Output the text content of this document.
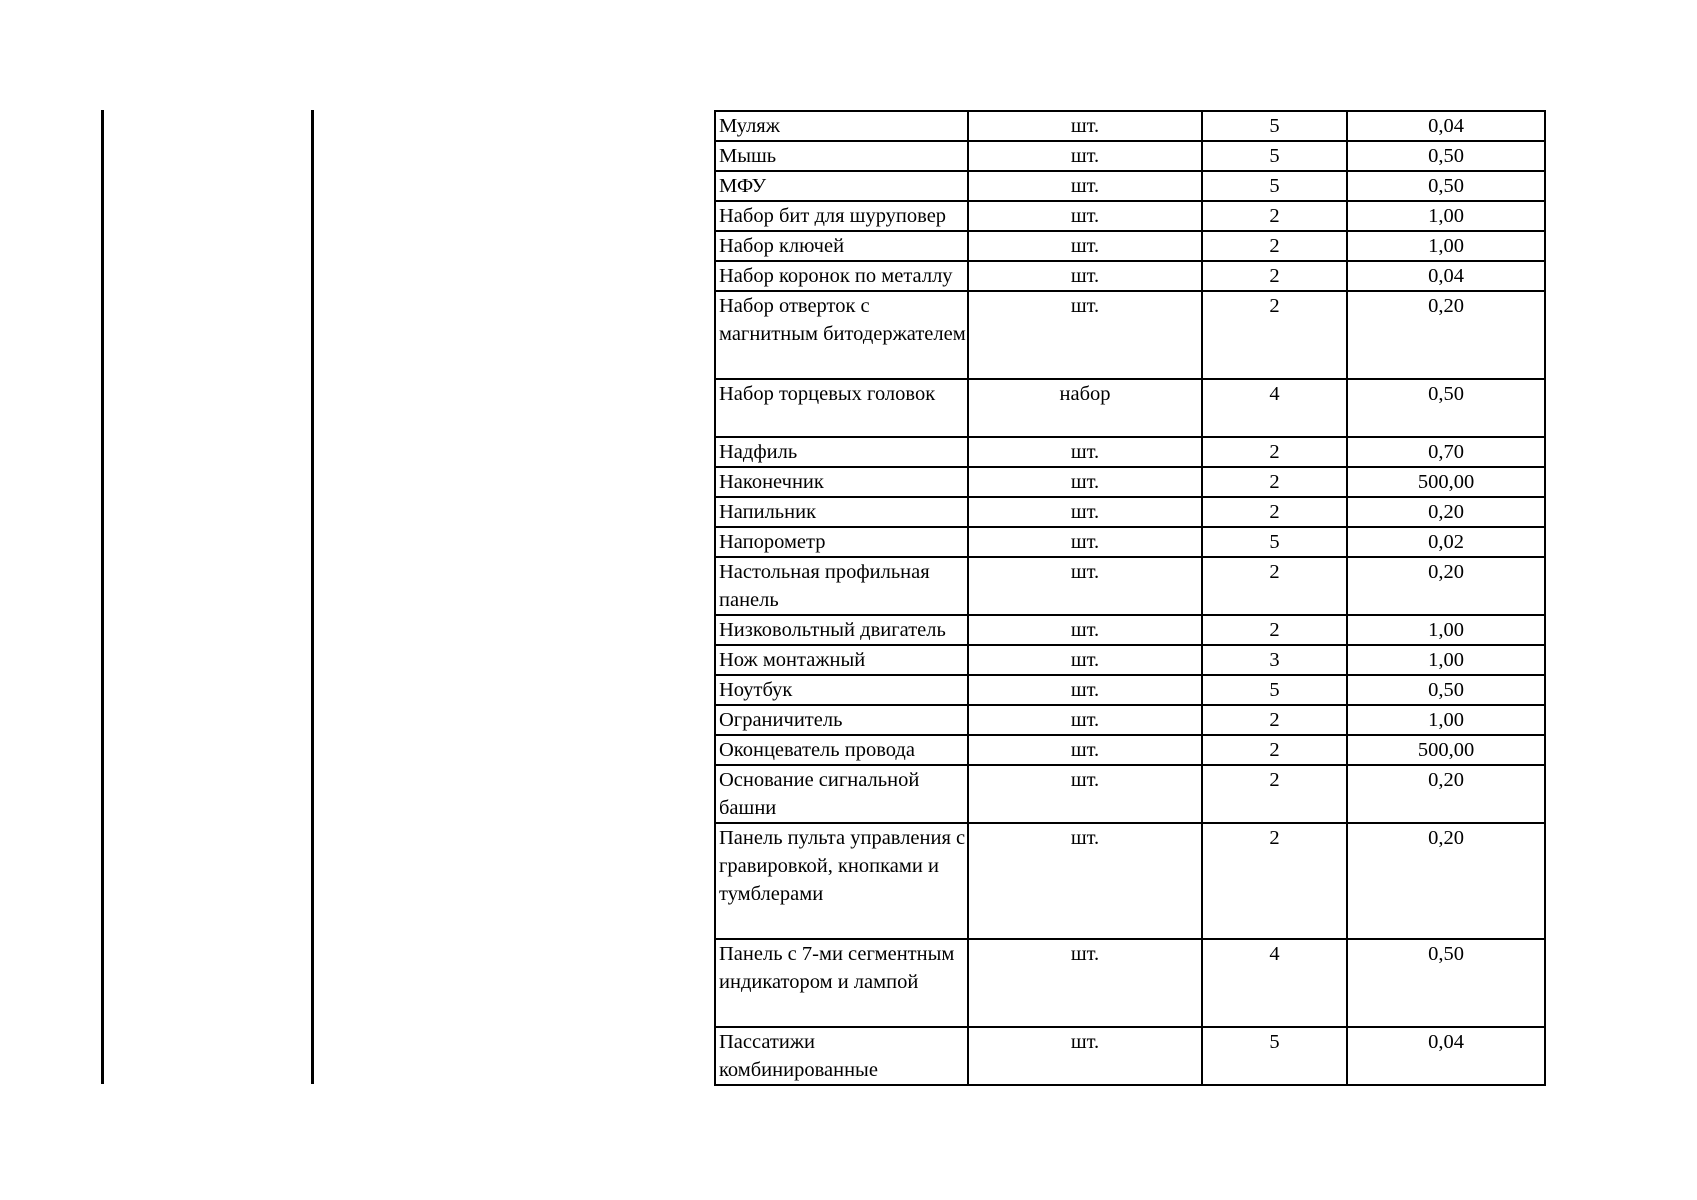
Муляж	шт.	5	0,04
Мышь	шт.	5	0,50
МФУ	шт.	5	0,50
Набор бит для шуруповер	шт.	2	1,00
Набор ключей	шт.	2	1,00
Набор коронок по металлу	шт.	2	0,04
Набор отверток с магнитным битодержателем	шт.	2	0,20
Набор торцевых головок	набор	4	0,50
Надфиль	шт.	2	0,70
Наконечник	шт.	2	500,00
Напильник	шт.	2	0,20
Напорометр	шт.	5	0,02
Настольная профильная панель	шт.	2	0,20
Низковольтный двигатель	шт.	2	1,00
Нож монтажный	шт.	3	1,00
Ноутбук	шт.	5	0,50
Ограничитель	шт.	2	1,00
Оконцеватель провода	шт.	2	500,00
Основание сигнальной башни	шт.	2	0,20
Панель пульта управления с гравировкой, кнопками и тумблерами	шт.	2	0,20
Панель с 7-ми сегментным индикатором и лампой	шт.	4	0,50
Пассатижи комбинированные	шт.	5	0,04
